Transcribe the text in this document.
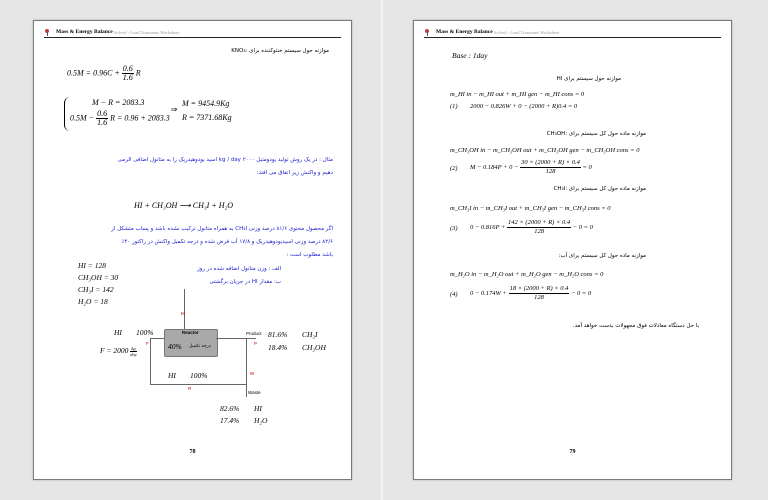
Mass & Energy Balance Solved - Load Transients Worksheet
موازنه حول سیستم خنثوکننده برای :KNO₃
$0.5M = 0.96C + \frac{0.6}{1.6}$ R
M − R = 2083.3
$0.5M - \frac{0.6}{1.6}$ R = 0.96 + 2083.3
⇒
M = 9454.9Kg
R = 7371.68Kg
مثال : در یک روش تولید یودومتیل ۲۰۰۰ kg / day اسید یودوهیدریک را به متانول اضافی الرمی
دهیم و واکنش زیر اتفاق می افتد:
HI + CH₃OH ⟶ CH₃I + H₂O
اگر محصول محتوی ۸۱/۶ درصد وزنی CH₃I به همراه متانول ترکیب نشده باشد و پساب متشکل از
۸۲/۶ درصد وزنی اسیدیودوهیدریک و ۱۷/۸ آب فرض شده و درجه تکمیل واکنش در راکتور ۴۰٪
باشد مطلوب است :
الف : وزن متانول اضافه شده در روز
ب: مقدار HI در جریان برگشتی
HI = 128
CH₃OH = 30
CH₃I = 142
H₂O = 18
M
Reactor
40% درجه تکمیل
HI 100%
F
$F = 2000 \frac{kg}{\text{day}}$
Product
P
81.6% CH₃I
18.4% CH₃OH
HI 100%
R
W
Waste
82.6% HI
17.4% H₂O
78
Mass & Energy Balance Solved - Load Transients Worksheet
Base : 1day
موازنه حول سیستم برای HI
m_HI in − m_HI out + m_HI gen − m_HI cons = 0
(1) 2000 − 0.826W + 0 − (2000 + R)0.4 = 0
موازنه ماده حول کل سیستم برای :CH₃OH
m_CH₃OH in − m_CH₃OH out + m_CH₃OH gen − m_CH₃OH cons = 0
(2) $M - 0.184P + 0 - \frac{30 \times (2000 + R) \times 0.4}{128} = 0$
موازنه ماده حول کل سیستم برای :CH₃I
m_CH₃I in − m_CH₃I out + m_CH₃I gen − m_CH₃I cons = 0
(3) $0 - 0.816P + \frac{142 \times (2000 + R) \times 0.4}{128} - 0 = 0$
موازنه ماده حول کل سیستم برای آب:
m_H₂O in − m_H₂O out + m_H₂O gen − m_H₂O cons = 0
(4) $0 - 0.174W + \frac{18 \times (2000 + R) \times 0.4}{128} - 0 = 0$
با حل دستگاه معادلات فوق مجهولات بدست خواهد آمد.
79
